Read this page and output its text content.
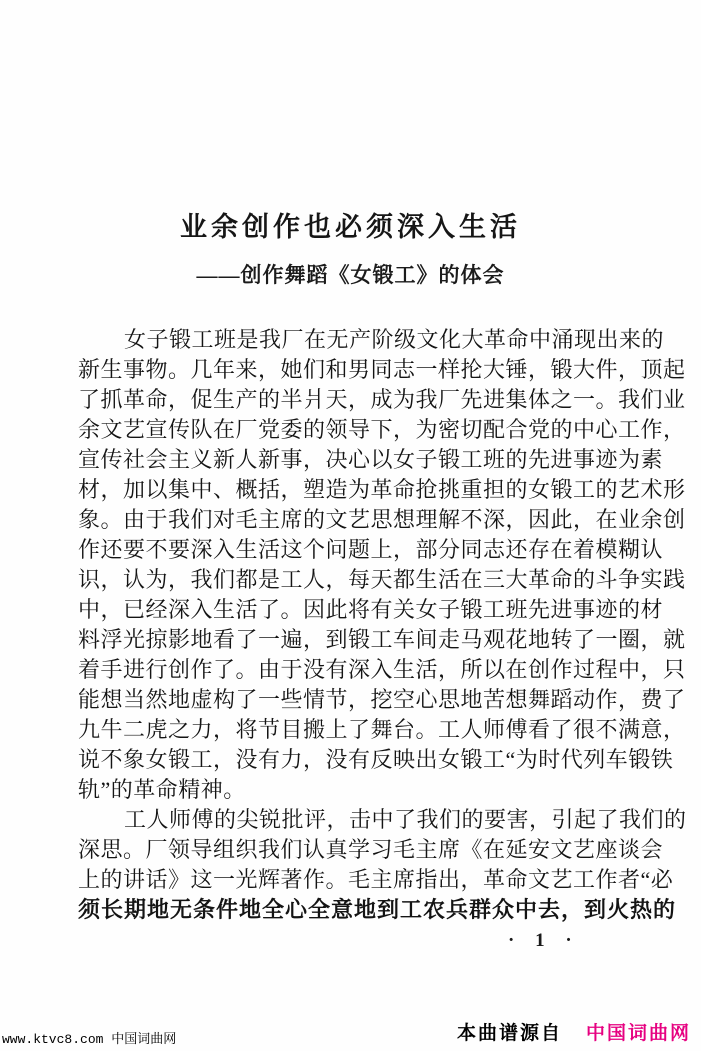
业余创作也必须深入生活
——创作舞蹈《女锻工》的体会
女子锻工班是我厂在无产阶级文化大革命中涌现出来的
新生事物。几年来，她们和男同志一样抡大锤，锻大件，顶起
了抓革命，促生产的半爿天，成为我厂先进集体之一。我们业
余文艺宣传队在厂党委的领导下，为密切配合党的中心工作，
宣传社会主义新人新事，决心以女子锻工班的先进事迹为素
材，加以集中、概括，塑造为革命抢挑重担的女锻工的艺术形
象。由于我们对毛主席的文艺思想理解不深，因此，在业余创
作还要不要深入生活这个问题上，部分同志还存在着模糊认
识，认为，我们都是工人，每天都生活在三大革命的斗争实践
中，已经深入生活了。因此将有关女子锻工班先进事迹的材
料浮光掠影地看了一遍，到锻工车间走马观花地转了一圈，就
着手进行创作了。由于没有深入生活，所以在创作过程中，只
能想当然地虚构了一些情节，挖空心思地苦想舞蹈动作，费了
九牛二虎之力，将节目搬上了舞台。工人师傅看了很不满意，
说不象女锻工，没有力，没有反映出女锻工“为时代列车锻铁
轨”的革命精神。
工人师傅的尖锐批评，击中了我们的要害，引起了我们的
深思。厂领导组织我们认真学习毛主席《在延安文艺座谈会
上的讲话》这一光辉著作。毛主席指出，革命文艺工作者“必
须长期地无条件地全心全意地到工农兵群众中去，到火热的
· 1 ·
www.ktvc8.com 中国词曲网	本曲谱源自 中国词曲网
